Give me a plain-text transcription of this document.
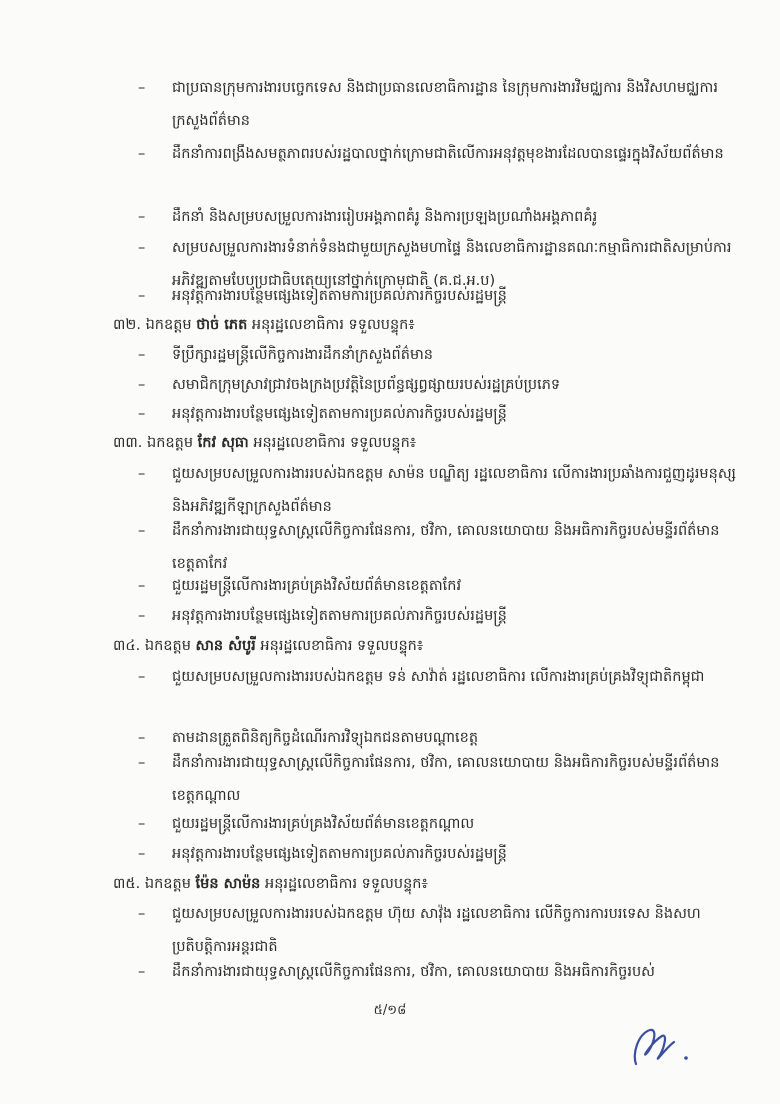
–	ជាប្រធានក្រុមការងារបច្ចេកទេស និងជាប្រធានលេខាធិការដ្ឋាន នៃក្រុមការងារវិមជ្ឈការ និងវិសហមជ្ឈការ ក្រសួងព័ត៌មាន
–	ដឹកនាំការពង្រឹងសមត្ថភាពរបស់រដ្ឋបាលថ្នាក់ក្រោមជាតិលើការអនុវត្តមុខងារដែលបានផ្ទេរក្នុងវិស័យព័ត៌មាន
–	ដឹកនាំ និងសម្របសម្រួលការងាររៀបអង្គភាពគំរូ និងការប្រឡងប្រណាំងអង្គភាពគំរូ
–	សម្របសម្រួលការងារទំនាក់ទំនងជាមួយក្រសួងមហាផ្ទៃ និងលេខាធិការដ្ឋានគណៈកម្មាធិការជាតិសម្រាប់ការអភិវឌ្ឍតាមបែបប្រជាធិបតេយ្យនៅថ្នាក់ក្រោមជាតិ (គ.ជ.អ.ប)
–	អនុវត្តការងារបន្ថែមផ្សេងទៀតតាមការប្រគល់ភារកិច្ចរបស់រដ្ឋមន្ត្រី
៣២. ឯកឧត្តម ថាច់ ភេត អនុរដ្ឋលេខាធិការ ទទួលបន្ទុក៖
–	ទីប្រឹក្សារដ្ឋមន្ត្រីលើកិច្ចការងារដឹកនាំក្រសួងព័ត៌មាន
–	សមាជិកក្រុមស្រាវជ្រាវចងក្រងប្រវត្តិនៃប្រព័ន្ធផ្សព្វផ្សាយរបស់រដ្ឋគ្រប់ប្រភេទ
–	អនុវត្តការងារបន្ថែមផ្សេងទៀតតាមការប្រគល់ភារកិច្ចរបស់រដ្ឋមន្ត្រី
៣៣. ឯកឧត្តម កែវ សុធា អនុរដ្ឋលេខាធិការ ទទួលបន្ទុក៖
–	ជួយសម្របសម្រួលការងាររបស់ឯកឧត្តម សាម៉ន បណ្ឌិត្យ រដ្ឋលេខាធិការ លើការងារប្រឆាំងការជួញដូរមនុស្ស និងអភិវឌ្ឍកីឡាក្រសួងព័ត៌មាន
–	ដឹកនាំការងារជាយុទ្ធសាស្ត្រលើកិច្ចការផែនការ, ថវិកា, គោលនយោបាយ និងអធិការកិច្ចរបស់មន្ទីរព័ត៌មានខេត្តតាកែវ
–	ជួយរដ្ឋមន្ត្រីលើការងារគ្រប់គ្រងវិស័យព័ត៌មានខេត្តតាកែវ
–	អនុវត្តការងារបន្ថែមផ្សេងទៀតតាមការប្រគល់ភារកិច្ចរបស់រដ្ឋមន្ត្រី
៣៤. ឯកឧត្តម សាន សំបូរី អនុរដ្ឋលេខាធិការ ទទួលបន្ទុក៖
–	ជួយសម្របសម្រួលការងាររបស់ឯកឧត្តម ទន់ សាវ៉ាត់ រដ្ឋលេខាធិការ លើការងារគ្រប់គ្រងវិទ្យុជាតិកម្ពុជា
–	តាមដានត្រួតពិនិត្យកិច្ចដំណើរការវិទ្យុឯកជនតាមបណ្តាខេត្ត
–	ដឹកនាំការងារជាយុទ្ធសាស្ត្រលើកិច្ចការផែនការ, ថវិកា, គោលនយោបាយ និងអធិការកិច្ចរបស់មន្ទីរព័ត៌មានខេត្តកណ្តាល
–	ជួយរដ្ឋមន្ត្រីលើការងារគ្រប់គ្រងវិស័យព័ត៌មានខេត្តកណ្តាល
–	អនុវត្តការងារបន្ថែមផ្សេងទៀតតាមការប្រគល់ភារកិច្ចរបស់រដ្ឋមន្ត្រី
៣៥. ឯកឧត្តម ម៉ែន សាម៉ន អនុរដ្ឋលេខាធិការ ទទួលបន្ទុក៖
–	ជួយសម្របសម្រួលការងាររបស់ឯកឧត្តម ហ៊ុយ សាវ៉ុង រដ្ឋលេខាធិការ លើកិច្ចការការបរទេស និងសហប្រតិបត្តិការអន្តរជាតិ
–	ដឹកនាំការងារជាយុទ្ធសាស្ត្រលើកិច្ចការផែនការ, ថវិកា, គោលនយោបាយ និងអធិការកិច្ចរបស់
៥/១៨
